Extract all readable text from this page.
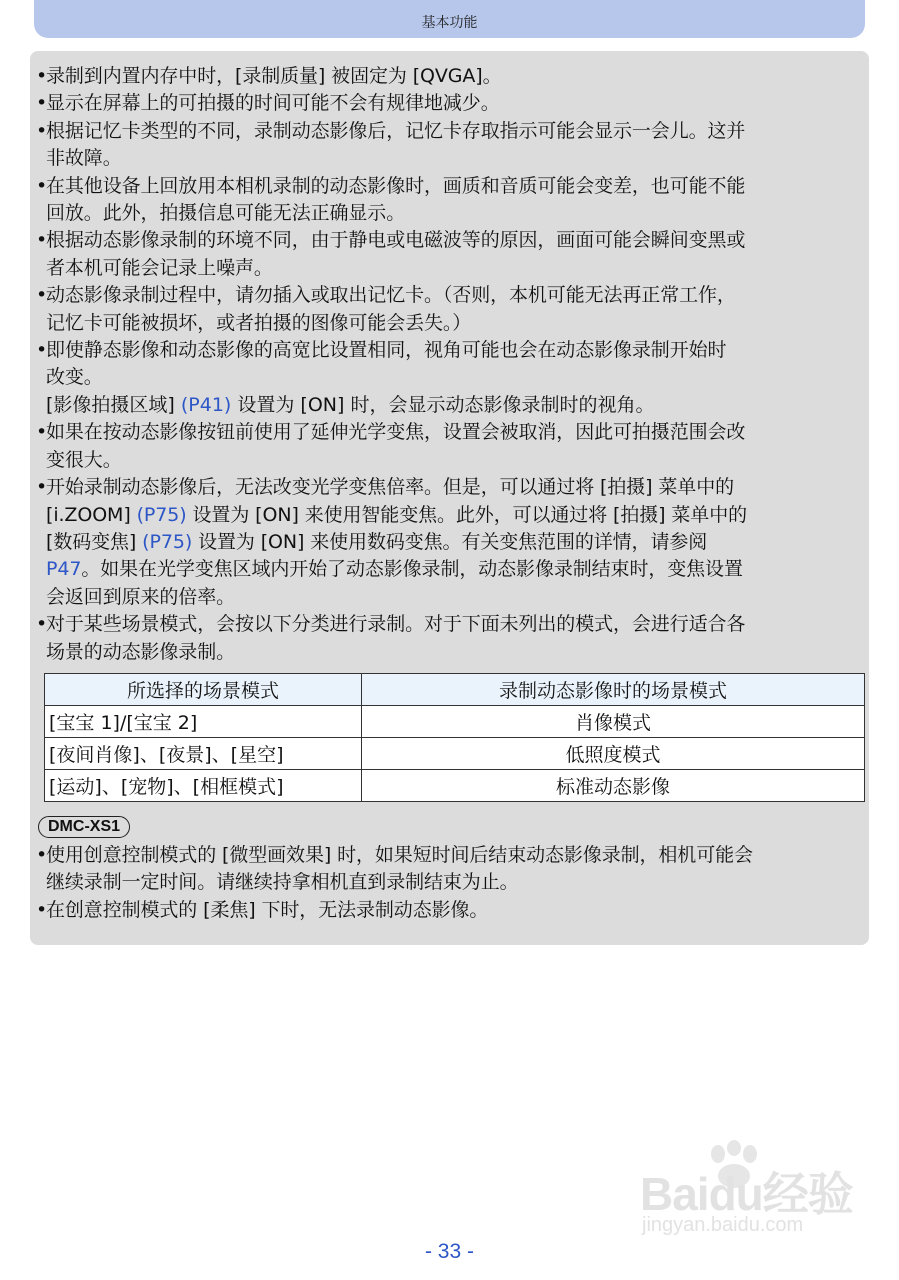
基本功能
•
录制到内置内存中时，[录制质量] 被固定为 [QVGA]。
•
显示在屏幕上的可拍摄的时间可能不会有规律地减少。
•
根据记忆卡类型的不同，录制动态影像后，记忆卡存取指示可能会显示一会儿。这并
非故障。
•
在其他设备上回放用本相机录制的动态影像时，画质和音质可能会变差，也可能不能
回放。此外，拍摄信息可能无法正确显示。
•
根据动态影像录制的环境不同，由于静电或电磁波等的原因，画面可能会瞬间变黑或
者本机可能会记录上噪声。
•
动态影像录制过程中，请勿插入或取出记忆卡。（否则，本机可能无法再正常工作，
记忆卡可能被损坏，或者拍摄的图像可能会丢失。）
•
即使静态影像和动态影像的高宽比设置相同，视角可能也会在动态影像录制开始时
改变。
[影像拍摄区域] (P41) 设置为 [ON] 时，会显示动态影像录制时的视角。
•
如果在按动态影像按钮前使用了延伸光学变焦，设置会被取消，因此可拍摄范围会改
变很大。
•
开始录制动态影像后，无法改变光学变焦倍率。但是，可以通过将 [拍摄] 菜单中的
[i.ZOOM] (P75) 设置为 [ON] 来使用智能变焦。此外，可以通过将 [拍摄] 菜单中的
[数码变焦] (P75) 设置为 [ON] 来使用数码变焦。有关变焦范围的详情，请参阅
P47。如果在光学变焦区域内开始了动态影像录制，动态影像录制结束时，变焦设置
会返回到原来的倍率。
•
对于某些场景模式，会按以下分类进行录制。对于下面未列出的模式，会进行适合各
场景的动态影像录制。
所选择的场景模式	录制动态影像时的场景模式
[宝宝 1]/[宝宝 2]	肖像模式
[夜间肖像]、[夜景]、[星空]	低照度模式
[运动]、[宠物]、[相框模式]	标准动态影像
DMC-XS1
•
使用创意控制模式的 [微型画效果] 时，如果短时间后结束动态影像录制，相机可能会
继续录制一定时间。请继续持拿相机直到录制结束为止。
•
在创意控制模式的 [柔焦] 下时，无法录制动态影像。
Baidu经验
jingyan.baidu.com
- 33 -
